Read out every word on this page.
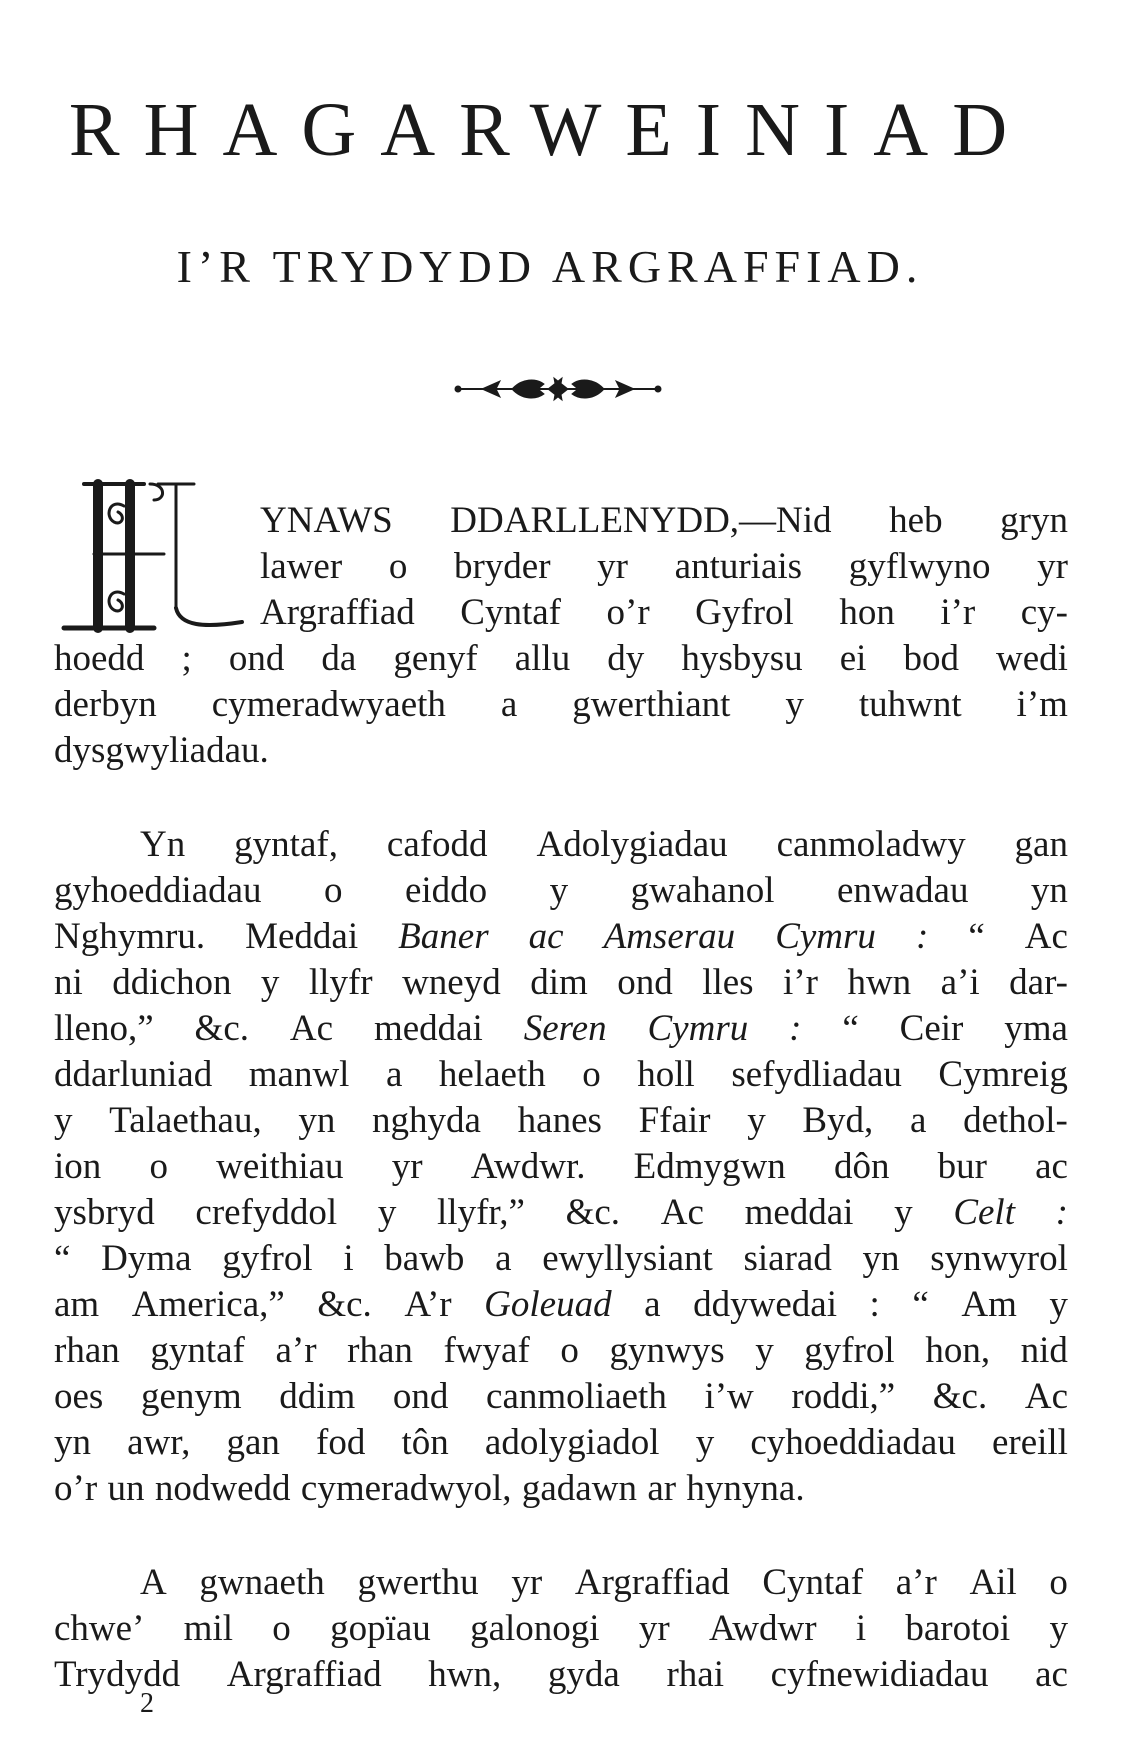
RHAGARWEINIAD
I’R TRYDYDD ARGRAFFIAD.
YNAWS DDARLLENYDD,—Nid heb gryn
lawer o bryder yr anturiais gyflwyno yr
Argraffiad Cyntaf o’r Gyfrol hon i’r cy-
hoedd ; ond da genyf allu dy hysbysu ei bod wedi
derbyn cymeradwyaeth a gwerthiant y tuhwnt i’m
dysgwyliadau.
Yn gyntaf, cafodd Adolygiadau canmoladwy gan
gyhoeddiadau o eiddo y gwahanol enwadau yn
Nghymru. Meddai Baner ac Amserau Cymru : “ Ac
ni ddichon y llyfr wneyd dim ond lles i’r hwn a’i dar-
lleno,” &c. Ac meddai Seren Cymru : “ Ceir yma
ddarluniad manwl a helaeth o holl sefydliadau Cymreig
y Talaethau, yn nghyda hanes Ffair y Byd, a dethol-
ion o weithiau yr Awdwr. Edmygwn dôn bur ac
ysbryd crefyddol y llyfr,” &c. Ac meddai y Celt :
“ Dyma gyfrol i bawb a ewyllysiant siarad yn synwyrol
am America,” &c. A’r Goleuad a ddywedai : “ Am y
rhan gyntaf a’r rhan fwyaf o gynwys y gyfrol hon, nid
oes genym ddim ond canmoliaeth i’w roddi,” &c. Ac
yn awr, gan fod tôn adolygiadol y cyhoeddiadau ereill
o’r un nodwedd cymeradwyol, gadawn ar hynyna.
A gwnaeth gwerthu yr Argraffiad Cyntaf a’r Ail o
chwe’ mil o gopïau galonogi yr Awdwr i barotoi y
Trydydd Argraffiad hwn, gyda rhai cyfnewidiadau ac
2
